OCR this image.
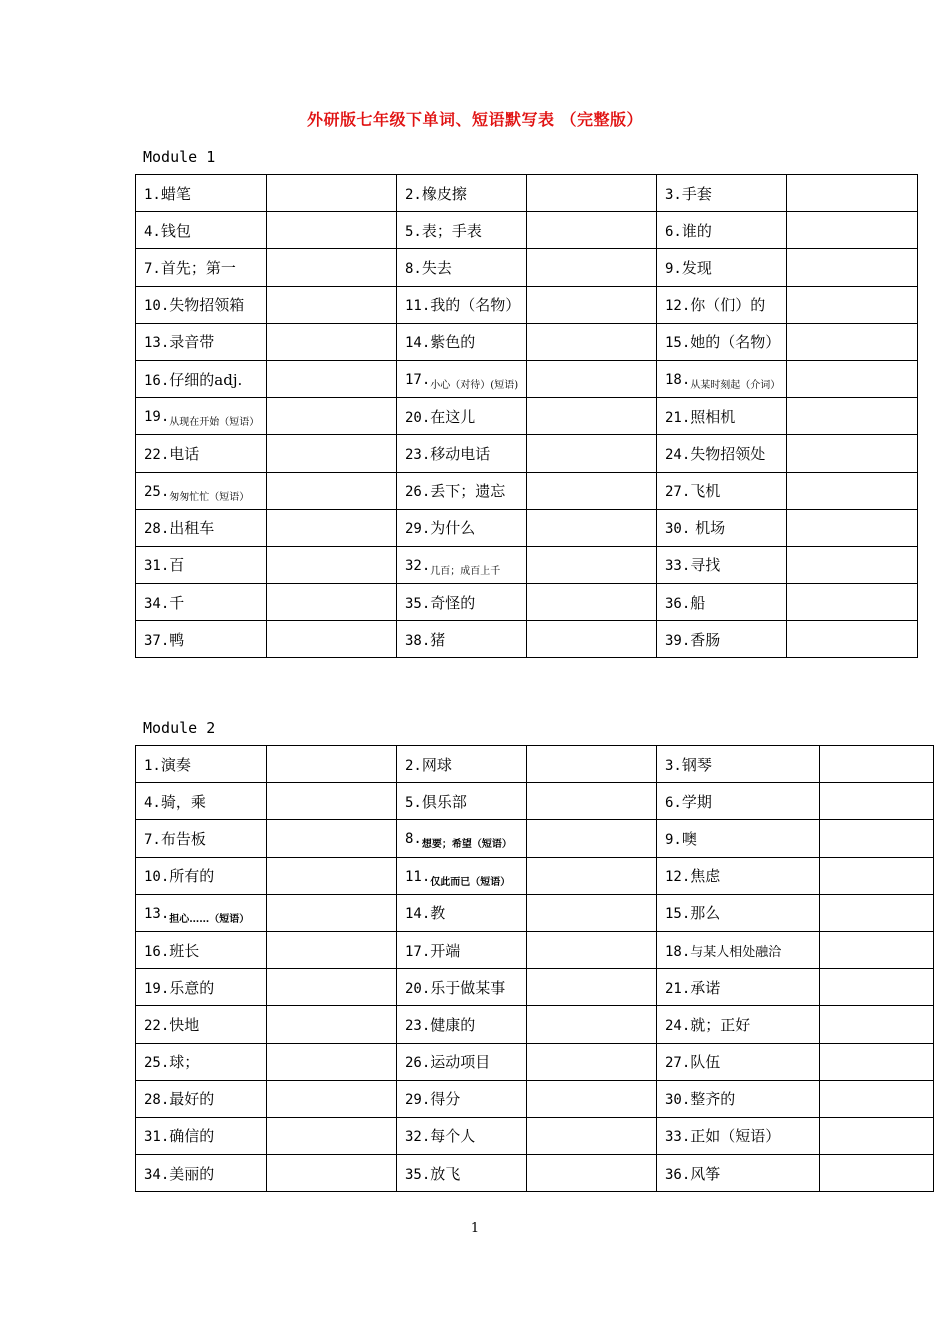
外研版七年级下单词、短语默写表 （完整版）
Module 1
1.蜡笔		2.橡皮擦		3.手套	
4.钱包		5.表；手表		6.谁的	
7.首先；第一		8.失去		9.发现	
10.失物招领箱		11.我的（名物）		12.你（们）的	
13.录音带		14.紫色的		15.她的（名物）	
16.仔细的adj.		$17._{小心(对待)(短语)}$		$18._{从某时刻起(介词)}$	
$19._{从现在开始(短语)}$		20.在这儿		21.照相机	
22.电话		23.移动电话		24.失物招领处	
$25._{匆匆忙忙(短语)}$		26.丢下；遗忘		27.飞机	
28.出租车		29.为什么		30. 机场	
31.百		$32._{几百;成百上千}$		33.寻找	
34.千		35.奇怪的		36.船	
37.鸭		38.猪		39.香肠	
Module 2
1.演奏		2.网球		3.钢琴	
4.骑，乘		5.俱乐部		6.学期	
7.布告板		$8._{想要;希望(短语)}$		9.噢	
10.所有的		$11._{仅此而已(短语)}$		12.焦虑	
$13._{担心\dots\dots(短语)}$		14.教		15.那么	
16.班长		17.开端		18.与某人相处融洽	
19.乐意的		20.乐于做某事		21.承诺	
22.快地		23.健康的		24.就；正好	
25.球；		26.运动项目		27.队伍	
28.最好的		29.得分		30.整齐的	
31.确信的		32.每个人		33.正如（短语）	
34.美丽的		35.放飞		36.风筝	
1
